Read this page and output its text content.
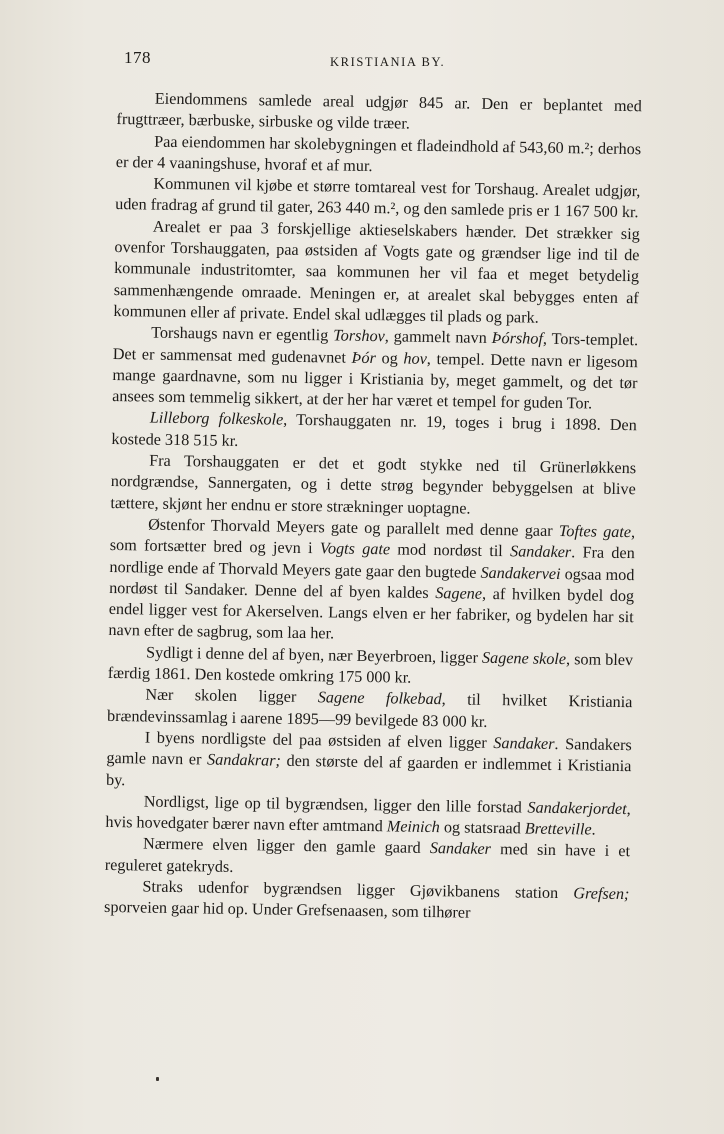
178	KRISTIANIA BY.

Eiendommens samlede areal udgjør 845 ar. Den er beplantet med frugttræer, bærbuske, sirbuske og vilde træer.

Paa eiendommen har skolebygningen et fladeindhold af 543,60 m.²; derhos er der 4 vaaningshuse, hvoraf et af mur.

Kommunen vil kjøbe et større tomtareal vest for Torshaug. Arealet udgjør, uden fradrag af grund til gater, 263 440 m.², og den samlede pris er 1 167 500 kr.

Arealet er paa 3 forskjellige aktieselskabers hænder. Det strækker sig ovenfor Torshauggaten, paa østsiden af Vogts gate og grændser lige ind til de kommunale industritomter, saa kommunen her vil faa et meget betydelig sammenhængende omraade. Meningen er, at arealet skal bebygges enten af kommunen eller af private. Endel skal udlægges til plads og park.

Torshaugs navn er egentlig Torshov, gammelt navn Þórshof, Tors-templet. Det er sammensat med gudenavnet Þór og hov, tempel. Dette navn er ligesom mange gaardnavne, som nu ligger i Kristiania by, meget gammelt, og det tør ansees som temmelig sikkert, at der her har været et tempel for guden Tor.

Lilleborg folkeskole, Torshauggaten nr. 19, toges i brug i 1898. Den kostede 318 515 kr.

Fra Torshauggaten er det et godt stykke ned til Grünerløkkens nordgrændse, Sannergaten, og i dette strøg begynder bebyggelsen at blive tættere, skjønt her endnu er store strækninger uoptagne.

Østenfor Thorvald Meyers gate og parallelt med denne gaar Toftes gate, som fortsætter bred og jevn i Vogts gate mod nordøst til Sandaker. Fra den nordlige ende af Thorvald Meyers gate gaar den bugtede Sandakervei ogsaa mod nordøst til Sandaker. Denne del af byen kaldes Sagene, af hvilken bydel dog endel ligger vest for Akerselven. Langs elven er her fabriker, og bydelen har sit navn efter de sagbrug, som laa her.

Sydligt i denne del af byen, nær Beyerbroen, ligger Sagene skole, som blev færdig 1861. Den kostede omkring 175 000 kr.

Nær skolen ligger Sagene folkebad, til hvilket Kristiania brændevinssamlag i aarene 1895—99 bevilgede 83 000 kr.

I byens nordligste del paa østsiden af elven ligger Sandaker. Sandakers gamle navn er Sandakrar; den største del af gaarden er indlemmet i Kristiania by.

Nordligst, lige op til bygrændsen, ligger den lille forstad Sandakerjordet, hvis hovedgater bærer navn efter amtmand Meinich og statsraad Bretteville.

Nærmere elven ligger den gamle gaard Sandaker med sin have i et reguleret gatekryds.

Straks udenfor bygrændsen ligger Gjøvikbanens station Grefsen; sporveien gaar hid op. Under Grefsenaasen, som tilhører
